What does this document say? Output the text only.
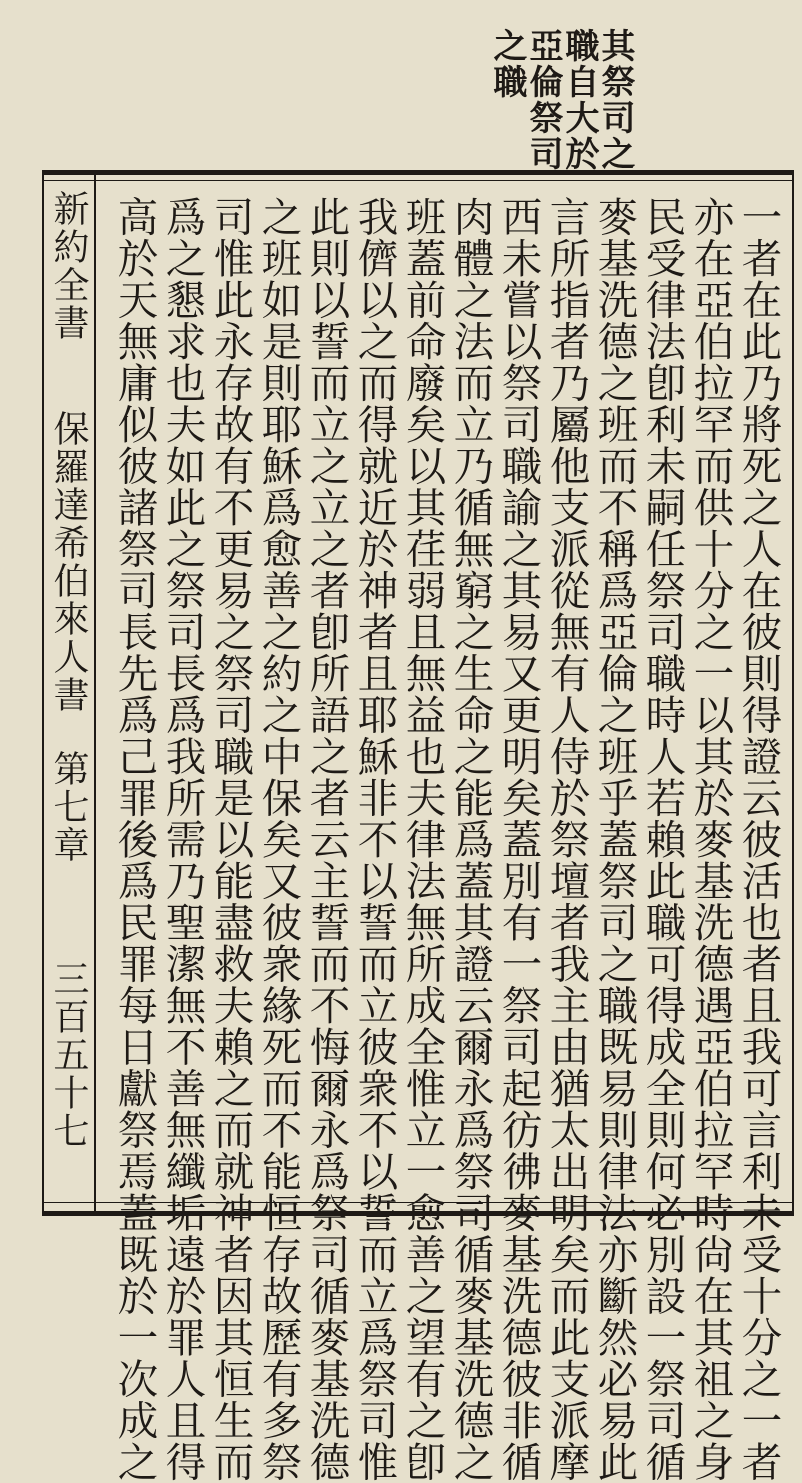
其祭司之
職自大於
亞倫祭司
之職
一者在此乃將死之人在彼則得證云彼活也者且我可言利未受十分之一者
亦在亞伯拉罕而供十分之一以其於麥基洗德遇亞伯拉罕時尙在其祖之身
民受律法卽利未嗣任祭司職時人若賴此職可得成全則何必別設一祭司循
麥基洗德之班而不稱爲亞倫之班乎蓋祭司之職既易則律法亦斷然必易此
言所指者乃屬他支派從無有人侍於祭壇者我主由猶太出明矣而此支派摩
西未嘗以祭司職諭之其易又更明矣蓋別有一祭司起彷彿麥基洗德彼非循
肉體之法而立乃循無窮之生命之能爲蓋其證云爾永爲祭司循麥基洗德之
班蓋前命廢矣以其荏弱且無益也夫律法無所成全惟立一愈善之望有之卽
我儕以之而得就近於神者且耶穌非不以誓而立彼衆不以誓而立爲祭司惟
此則以誓而立之立之者卽所語之者云主誓而不悔爾永爲祭司循麥基洗德
之班如是則耶穌爲愈善之約之中保矣又彼衆緣死而不能恒存故歷有多祭
司惟此永存故有不更易之祭司職是以能盡救夫賴之而就神者因其恒生而
爲之懇求也夫如此之祭司長爲我所需乃聖潔無不善無纖垢遠於罪人且得
高於天無庸似彼諸祭司長先爲己罪後爲民罪每日獻祭焉蓋既於一次成之
新約全書
保羅達希伯來人書
第七章
三百五十七
